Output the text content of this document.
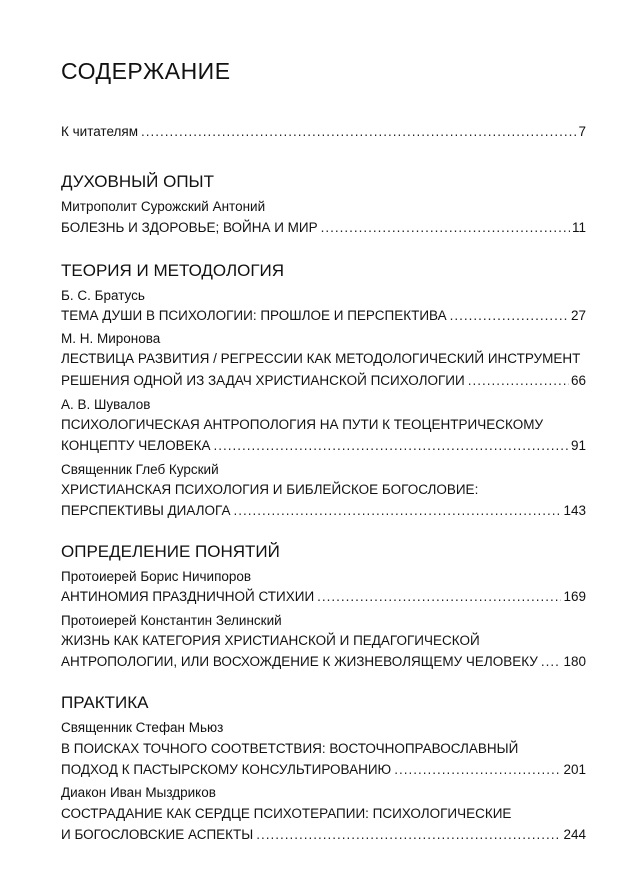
СОДЕРЖАНИЕ
К читателям .....	7
ДУХОВНЫЙ ОПЫТ
Митрополит Сурожский Антоний
БОЛЕЗНЬ И ЗДОРОВЬЕ; ВОЙНА И МИР .....	11
ТЕОРИЯ И МЕТОДОЛОГИЯ
Б. С. Братусь
ТЕМА ДУШИ В ПСИХОЛОГИИ: ПРОШЛОЕ И ПЕРСПЕКТИВА .....	27
М. Н. Миронова
ЛЕСТВИЦА РАЗВИТИЯ / РЕГРЕССИИ КАК МЕТОДОЛОГИЧЕСКИЙ ИНСТРУМЕНТ
РЕШЕНИЯ ОДНОЙ ИЗ ЗАДАЧ ХРИСТИАНСКОЙ ПСИХОЛОГИИ .....	66
А. В. Шувалов
ПСИХОЛОГИЧЕСКАЯ АНТРОПОЛОГИЯ НА ПУТИ К ТЕОЦЕНТРИЧЕСКОМУ
КОНЦЕПТУ ЧЕЛОВЕКА .....	91
Священник Глеб Курский
ХРИСТИАНСКАЯ ПСИХОЛОГИЯ И БИБЛЕЙСКОЕ БОГОСЛОВИЕ:
ПЕРСПЕКТИВЫ ДИАЛОГА .....	143
ОПРЕДЕЛЕНИЕ ПОНЯТИЙ
Протоиерей Борис Ничипоров
АНТИНОМИЯ ПРАЗДНИЧНОЙ СТИХИИ .....	169
Протоиерей Константин Зелинский
ЖИЗНЬ КАК КАТЕГОРИЯ ХРИСТИАНСКОЙ И ПЕДАГОГИЧЕСКОЙ
АНТРОПОЛОГИИ, ИЛИ ВОСХОЖДЕНИЕ К ЖИЗНЕВОЛЯЩЕМУ ЧЕЛОВЕКУ ..... 180
ПРАКТИКА
Священник Стефан Мьюз
В ПОИСКАХ ТОЧНОГО СООТВЕТСТВИЯ: ВОСТОЧНОПРАВОСЛАВНЫЙ
ПОДХОД К ПАСТЫРСКОМУ КОНСУЛЬТИРОВАНИЮ .....	201
Диакон Иван Мыздриков
СОСТРАДАНИЕ КАК СЕРДЦЕ ПСИХОТЕРАПИИ: ПСИХОЛОГИЧЕСКИЕ
И БОГОСЛОВСКИЕ АСПЕКТЫ .....	244
